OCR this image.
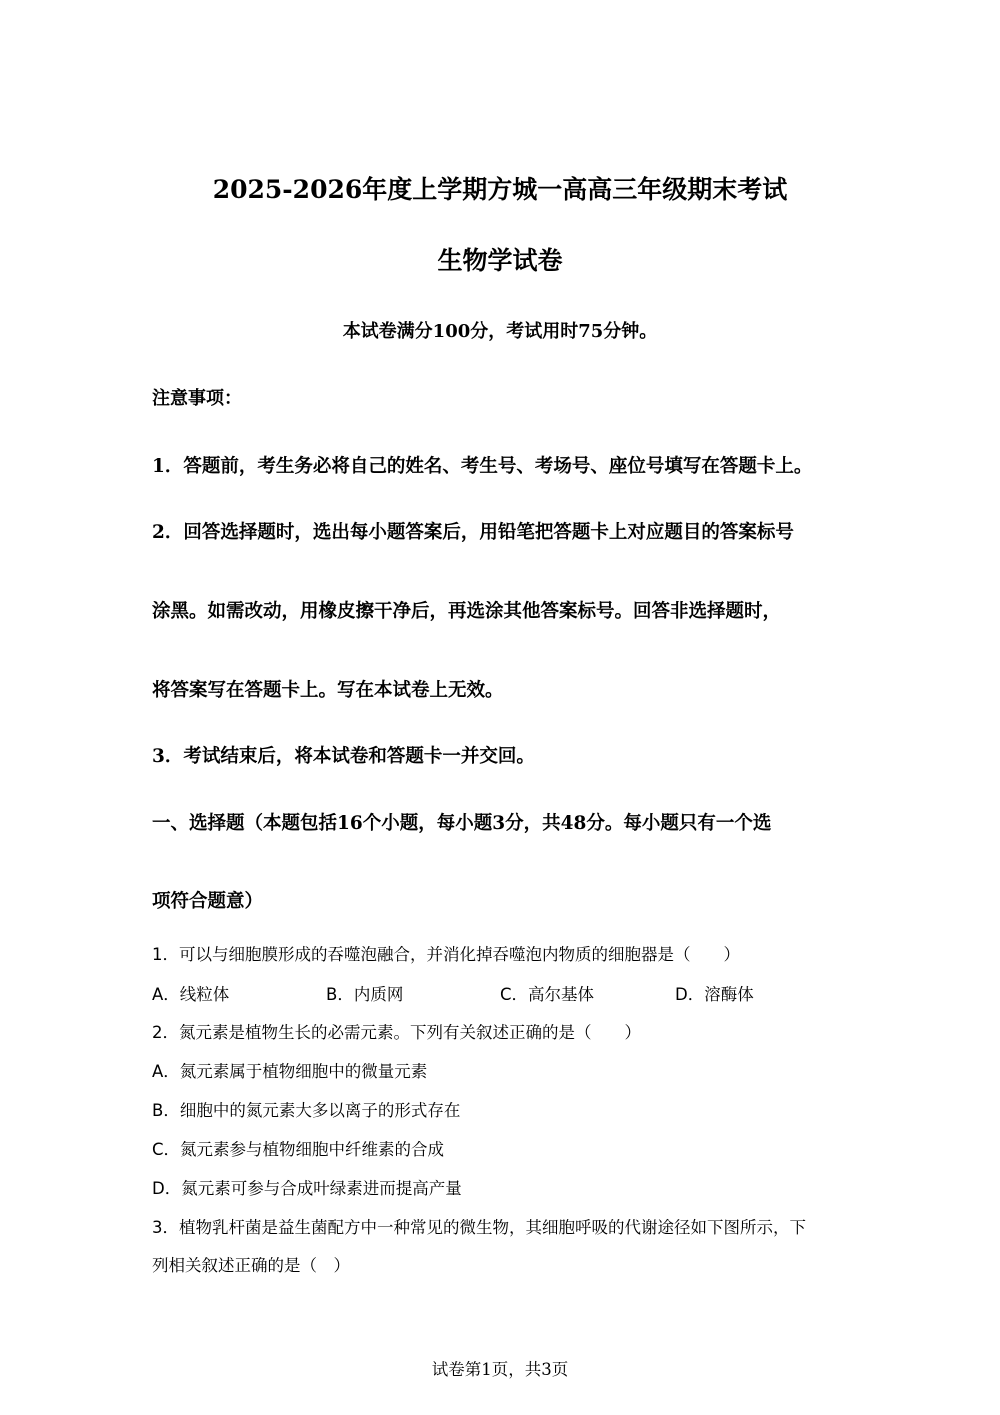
2025-2026年度上学期方城一高高三年级期末考试
生物学试卷
本试卷满分100分，考试用时75分钟。
注意事项：
1．答题前，考生务必将自己的姓名、考生号、考场号、座位号填写在答题卡上。
2．回答选择题时，选出每小题答案后，用铅笔把答题卡上对应题目的答案标号
涂黑。如需改动，用橡皮擦干净后，再选涂其他答案标号。回答非选择题时，
将答案写在答题卡上。写在本试卷上无效。
3．考试结束后，将本试卷和答题卡一并交回。
一、选择题（本题包括16个小题，每小题3分，共48分。每小题只有一个选
项符合题意）
1．可以与细胞膜形成的吞噬泡融合，并消化掉吞噬泡内物质的细胞器是（　　）
A．线粒体	B．内质网	C．高尔基体	D．溶酶体
2．氮元素是植物生长的必需元素。下列有关叙述正确的是（　　）
A．氮元素属于植物细胞中的微量元素
B．细胞中的氮元素大多以离子的形式存在
C．氮元素参与植物细胞中纤维素的合成
D．氮元素可参与合成叶绿素进而提高产量
3．植物乳杆菌是益生菌配方中一种常见的微生物，其细胞呼吸的代谢途径如下图所示，下
列相关叙述正确的是（　）
试卷第1页，共3页
